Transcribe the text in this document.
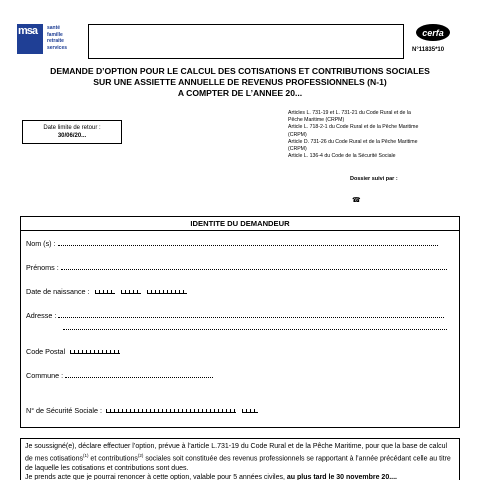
msa	santé
famille
retraite
services
cerfa
N°11835*10
DEMANDE D’OPTION POUR LE CALCUL DES COTISATIONS ET CONTRIBUTIONS SOCIALES
SUR UNE ASSIETTE ANNUELLE DE REVENUS PROFESSIONNELS (N-1)
A COMPTER DE L’ANNEE 20...
Date limite de retour :
30/06/20...
Articles L. 731-19 et L. 731-21 du Code Rural et de la
Pêche Maritime (CRPM)
Article L. 718-2-1 du Code Rural et de la Pêche Maritime
(CRPM)
Article D. 731-26 du Code Rural et de la Pêche Maritime
(CRPM)
Article L. 136-4 du Code de la Sécurité Sociale
Dossier suivi par :
☎
IDENTITE DU DEMANDEUR
Nom (s) :
Prénoms :
Date de naissance :
Adresse :
Code Postal
Commune :
N° de Sécurité Sociale :

Je soussigné(e), déclare effectuer l’option, prévue à l’article L.731-19 du Code Rural et de la Pêche Maritime, pour que la base de calcul de mes cotisations$^{(1)}$ et contributions$^{(2)}$ sociales soit constituée des revenus professionnels se rapportant à l’année précédant celle au titre de laquelle les cotisations et contributions sont dues.

Je prends acte que je pourrai renoncer à cette option, valable pour 5 années civiles, au plus tard le 30 novembre 20....
